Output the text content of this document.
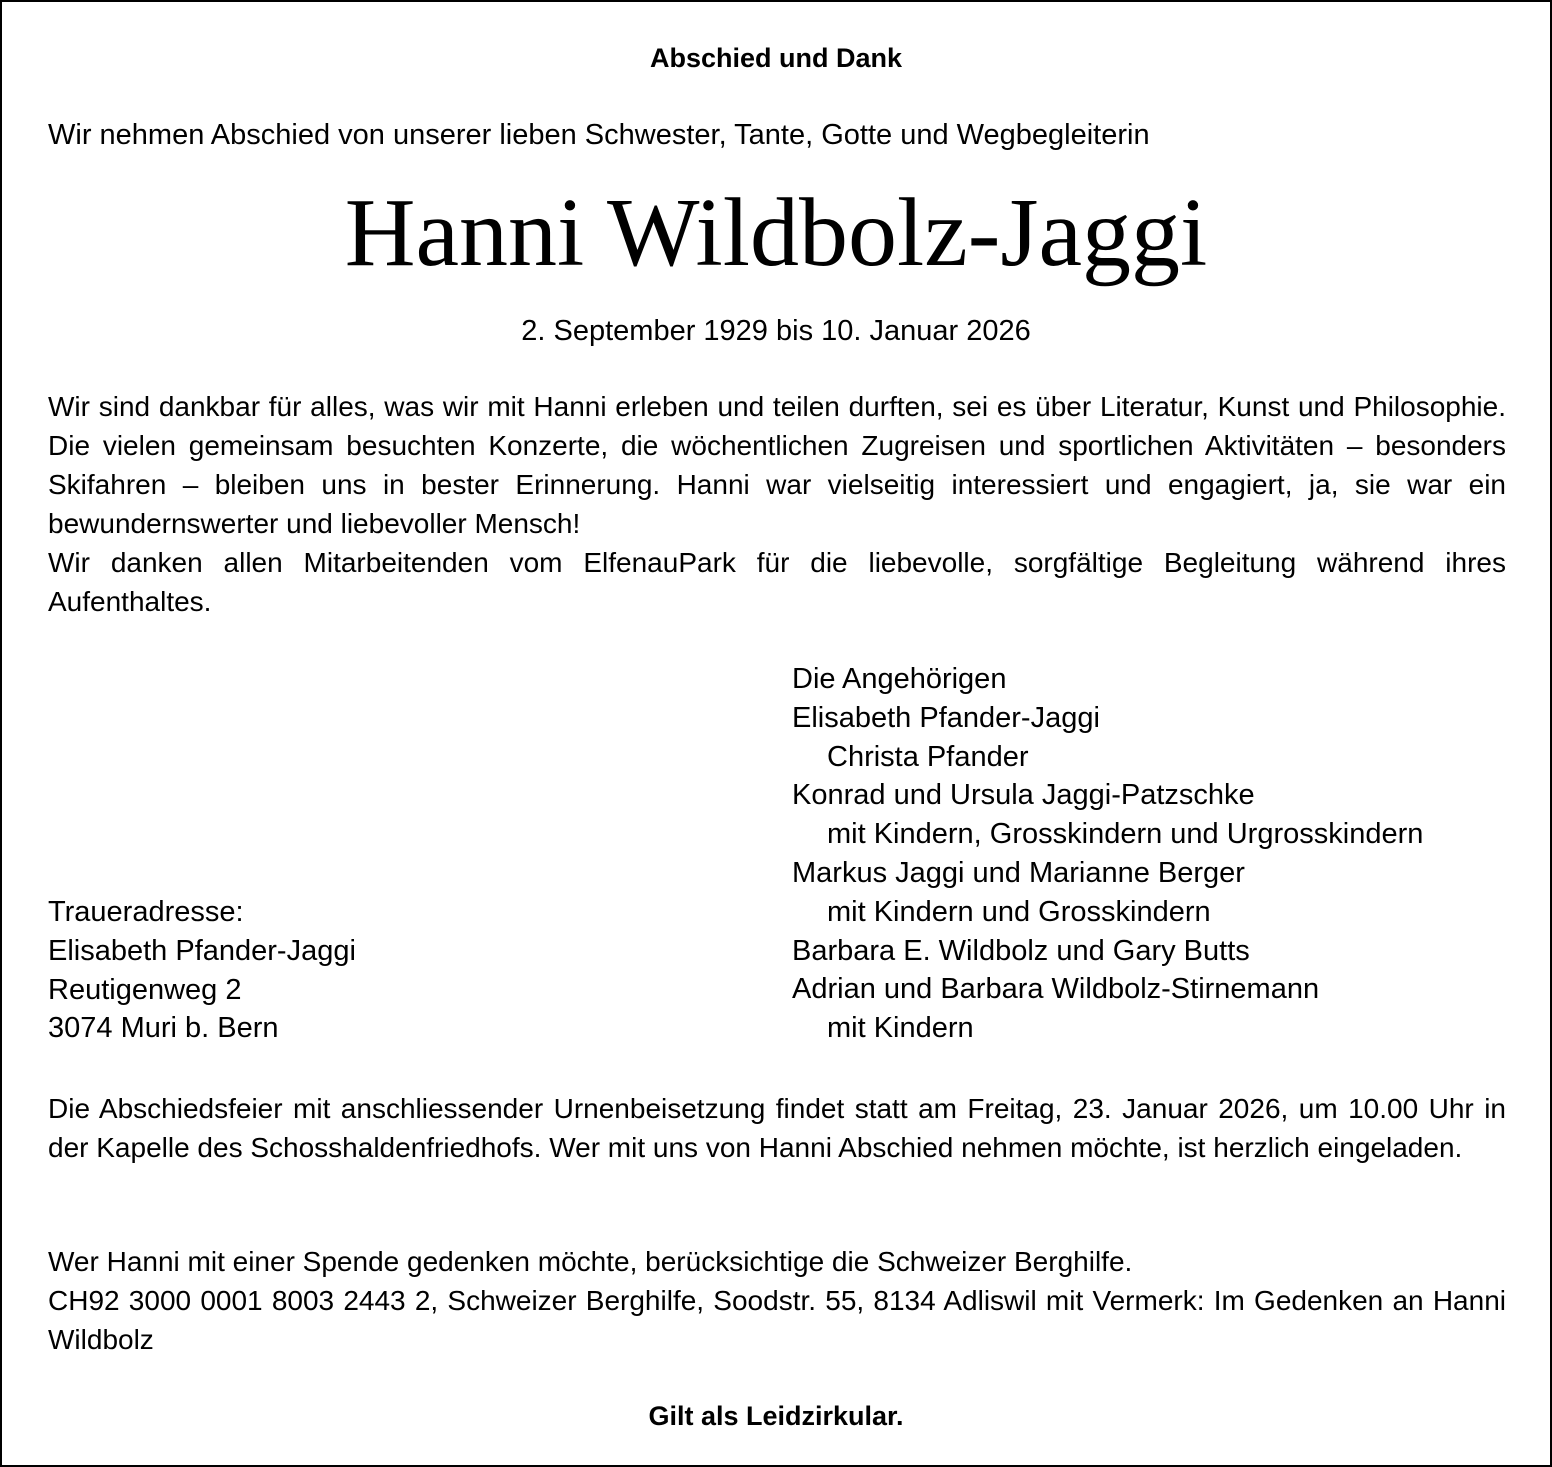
Abschied und Dank
Wir nehmen Abschied von unserer lieben Schwester, Tante, Gotte und Wegbegleiterin
Hanni Wildbolz-Jaggi
2. September 1929 bis 10. Januar 2026
Wir sind dankbar für alles, was wir mit Hanni erleben und teilen durften, sei es über Literatur, Kunst und Philosophie. Die vielen gemeinsam besuchten Konzerte, die wöchentlichen Zugreisen und sportlichen Aktivitäten – besonders Skifahren – bleiben uns in bester Erinnerung. Hanni war vielseitig interessiert und engagiert, ja, sie war ein bewundernswerter und liebevoller Mensch!
Wir danken allen Mitarbeitenden vom ElfenauPark für die liebevolle, sorgfältige Begleitung während ihres Aufenthaltes.
Die Angehörigen
Elisabeth Pfander-Jaggi
Christa Pfander
Konrad und Ursula Jaggi-Patzschke
mit Kindern, Grosskindern und Urgrosskindern
Markus Jaggi und Marianne Berger
mit Kindern und Grosskindern
Barbara E. Wildbolz und Gary Butts
Adrian und Barbara Wildbolz-Stirnemann
mit Kindern
Traueradresse:
Elisabeth Pfander-Jaggi
Reutigenweg 2
3074 Muri b. Bern
Die Abschiedsfeier mit anschliessender Urnenbeisetzung findet statt am Freitag, 23. Januar 2026, um 10.00 Uhr in der Kapelle des Schosshaldenfriedhofs. Wer mit uns von Hanni Abschied nehmen möchte, ist herzlich eingeladen.
Wer Hanni mit einer Spende gedenken möchte, berücksichtige die Schweizer Berghilfe.
CH92 3000 0001 8003 2443 2, Schweizer Berghilfe, Soodstr. 55, 8134 Adliswil mit Vermerk: Im Gedenken an Hanni Wildbolz
Gilt als Leidzirkular.
